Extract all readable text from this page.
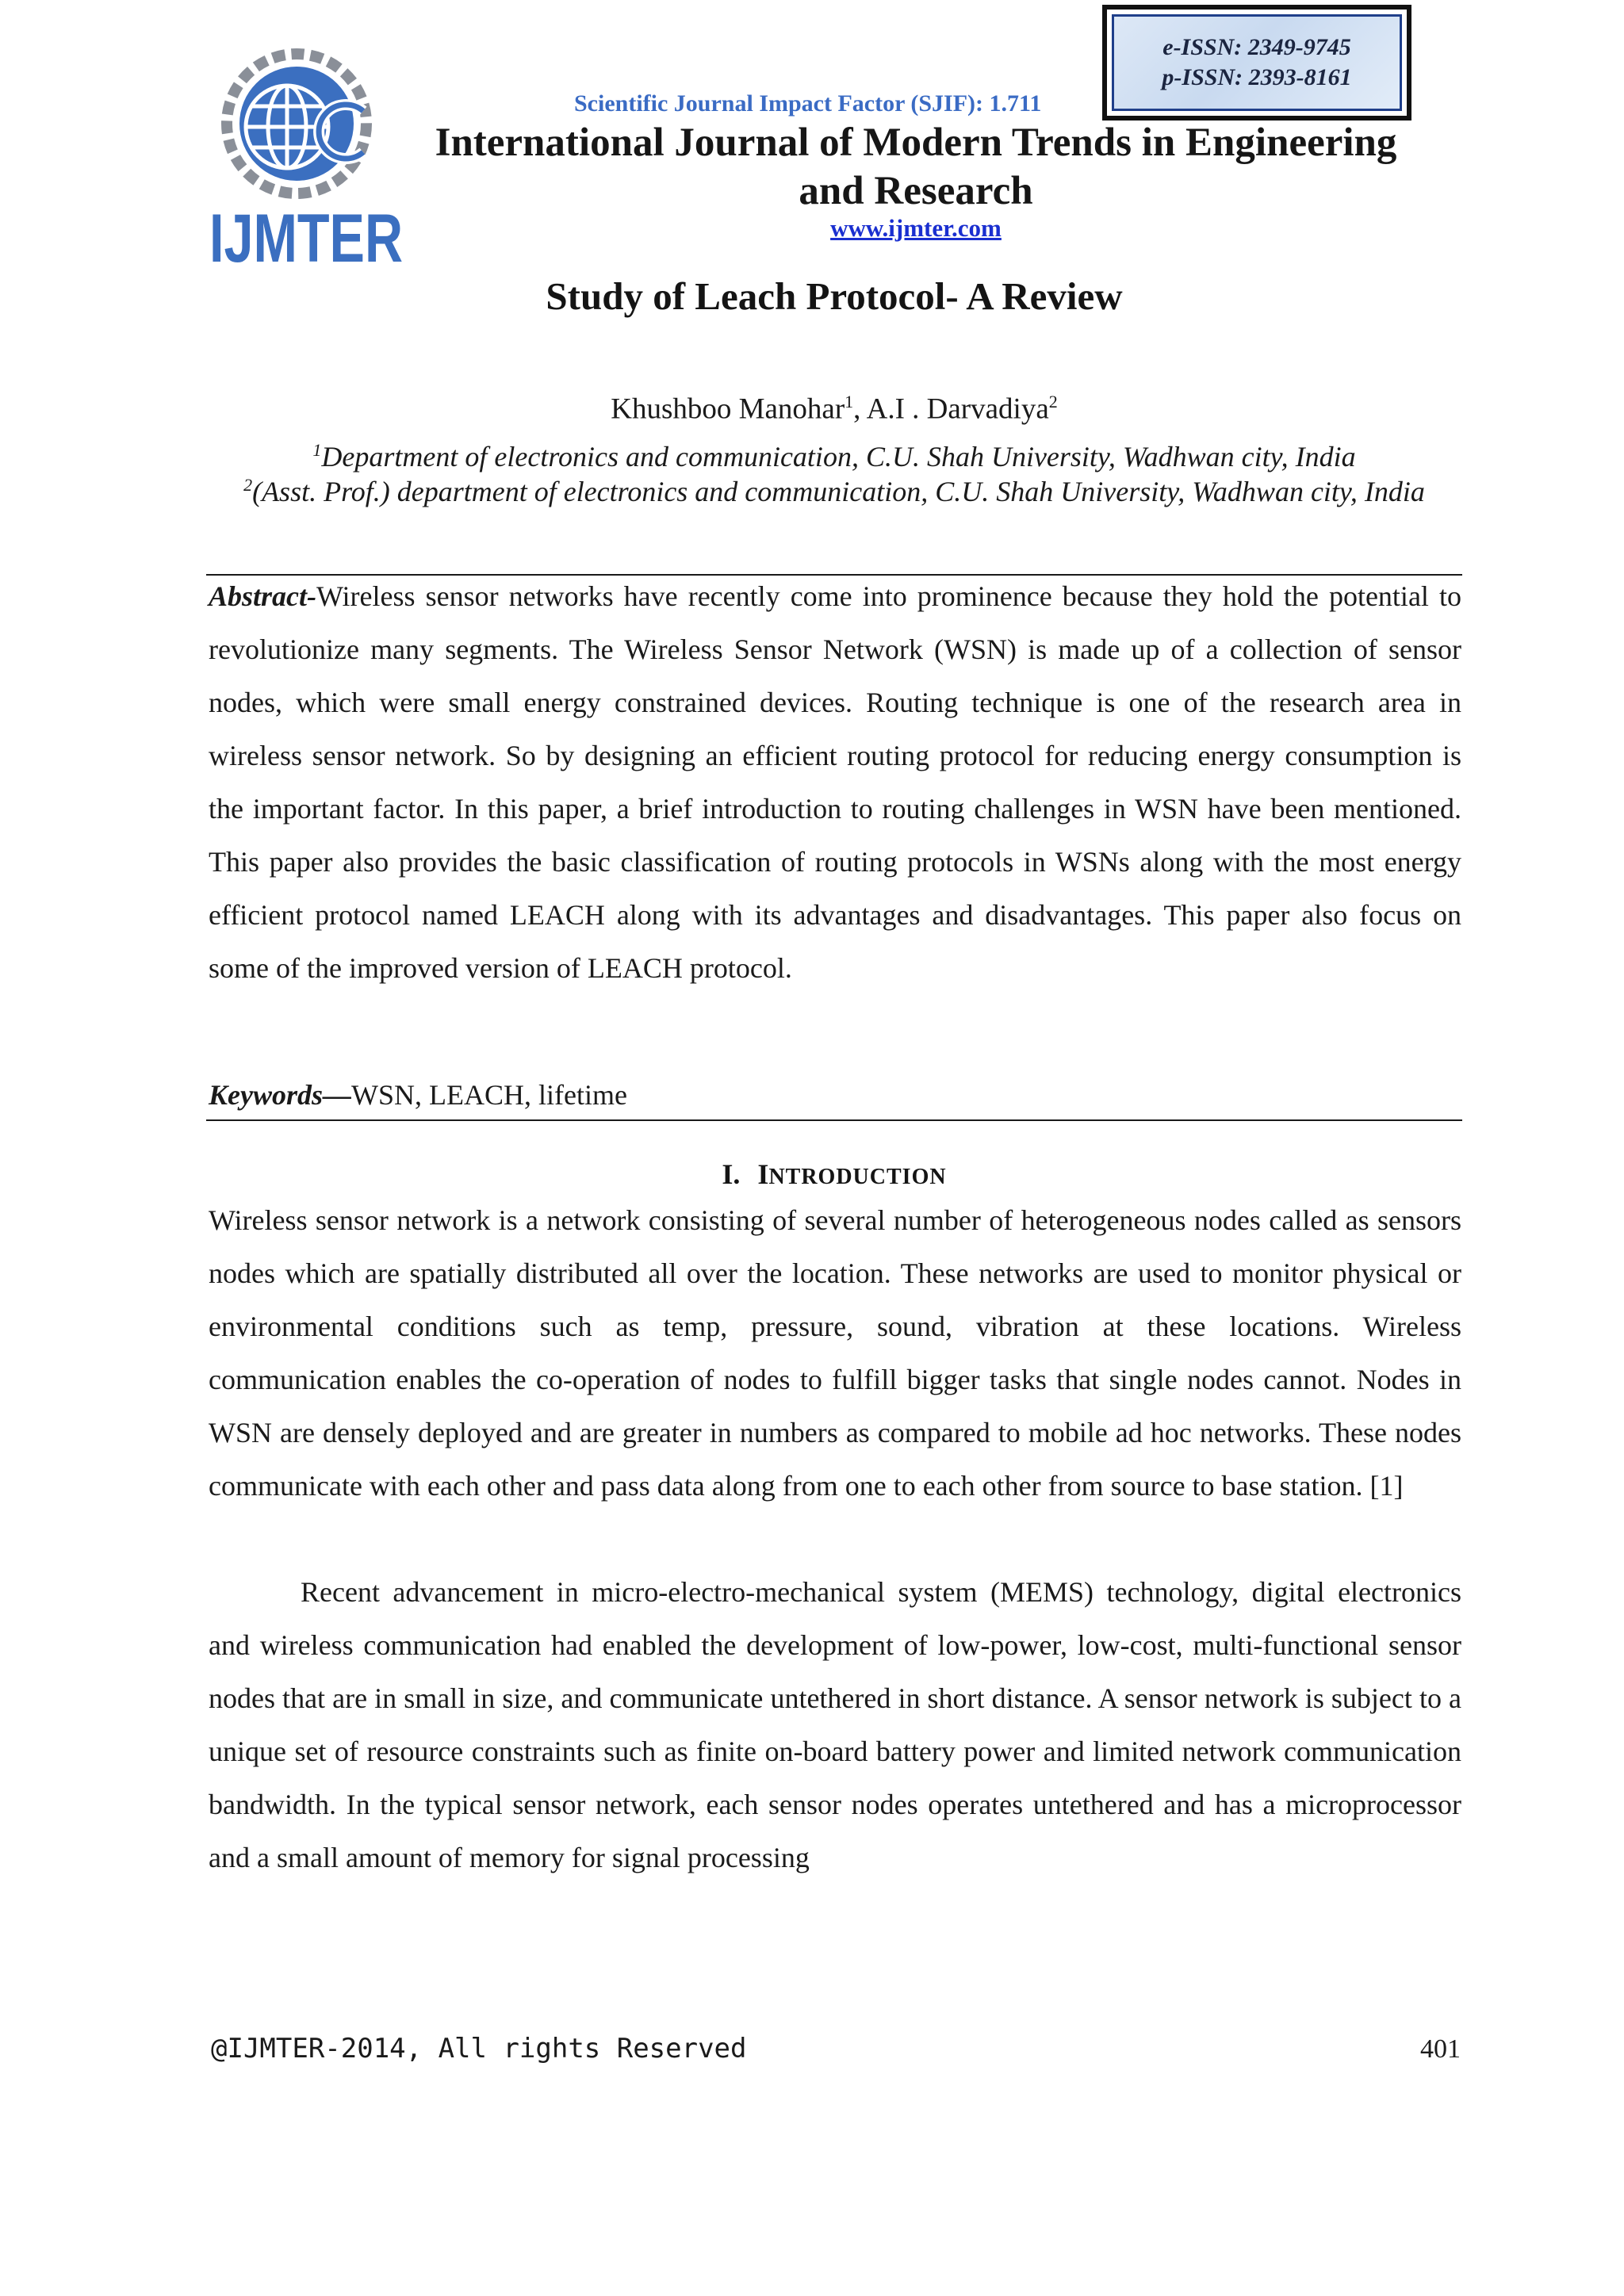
IJMTER
e-ISSN: 2349-9745
p-ISSN: 2393-8161
Scientific Journal Impact Factor (SJIF): 1.711
International Journal of Modern Trends in Engineering
and Research
www.ijmter.com
Study of Leach Protocol- A Review
Khushboo Manohar$^1$, A.I . Darvadiya$^2$
$^1$Department of electronics and communication, C.U. Shah University, Wadhwan city, India
$^2$(Asst. Prof.) department of electronics and communication, C.U. Shah University, Wadhwan city, India
Abstract-Wireless sensor networks have recently come into prominence because they hold the potential to revolutionize many segments. The Wireless Sensor Network (WSN) is made up of a collection of sensor nodes, which were small energy constrained devices. Routing technique is one of the research area in wireless sensor network. So by designing an efficient routing protocol for reducing energy consumption is the important factor. In this paper, a brief introduction to routing challenges in WSN have been mentioned. This paper also provides the basic classification of routing protocols in WSNs along with the most energy efficient protocol named LEACH along with its advantages and disadvantages. This paper also focus on some of the improved version of LEACH protocol.
Keywords—WSN, LEACH, lifetime
I. INTRODUCTION
Wireless sensor network is a network consisting of several number of heterogeneous nodes called as sensors nodes which are spatially distributed all over the location. These networks are used to monitor physical or environmental conditions such as temp, pressure, sound, vibration at these locations. Wireless communication enables the co-operation of nodes to fulfill bigger tasks that single nodes cannot. Nodes in WSN are densely deployed and are greater in numbers as compared to mobile ad hoc networks. These nodes communicate with each other and pass data along from one to each other from source to base station. [1]
Recent advancement in micro-electro-mechanical system (MEMS) technology, digital electronics and wireless communication had enabled the development of low-power, low-cost, multi-functional sensor nodes that are in small in size, and communicate untethered in short distance. A sensor network is subject to a unique set of resource constraints such as finite on-board battery power and limited network communication bandwidth. In the typical sensor network, each sensor nodes operates untethered and has a microprocessor and a small amount of memory for signal processing
@IJMTER-2014, All rights Reserved	401
